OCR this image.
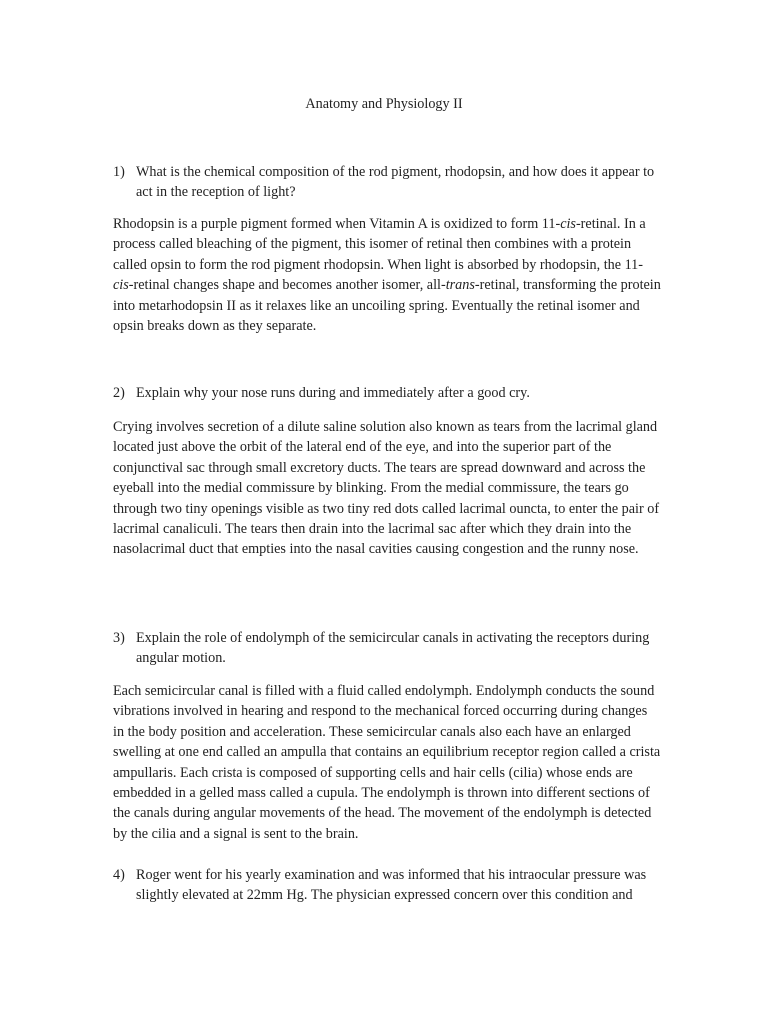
Anatomy and Physiology II
1) What is the chemical composition of the rod pigment, rhodopsin, and how does it appear to act in the reception of light?

Rhodopsin is a purple pigment formed when Vitamin A is oxidized to form 11-cis-retinal. In a process called bleaching of the pigment, this isomer of retinal then combines with a protein called opsin to form the rod pigment rhodopsin. When light is absorbed by rhodopsin, the 11-cis-retinal changes shape and becomes another isomer, all-trans-retinal, transforming the protein into metarhodopsin II as it relaxes like an uncoiling spring. Eventually the retinal isomer and opsin breaks down as they separate.

2) Explain why your nose runs during and immediately after a good cry.

Crying involves secretion of a dilute saline solution also known as tears from the lacrimal gland located just above the orbit of the lateral end of the eye, and into the superior part of the conjunctival sac through small excretory ducts. The tears are spread downward and across the eyeball into the medial commissure by blinking. From the medial commissure, the tears go through two tiny openings visible as two tiny red dots called lacrimal ouncta, to enter the pair of lacrimal canaliculi. The tears then drain into the lacrimal sac after which they drain into the nasolacrimal duct that empties into the nasal cavities causing congestion and the runny nose.

3) Explain the role of endolymph of the semicircular canals in activating the receptors during angular motion.

Each semicircular canal is filled with a fluid called endolymph. Endolymph conducts the sound vibrations involved in hearing and respond to the mechanical forced occurring during changes in the body position and acceleration. These semicircular canals also each have an enlarged swelling at one end called an ampulla that contains an equilibrium receptor region called a crista ampullaris. Each crista is composed of supporting cells and hair cells (cilia) whose ends are embedded in a gelled mass called a cupula. The endolymph is thrown into different sections of the canals during angular movements of the head. The movement of the endolymph is detected by the cilia and a signal is sent to the brain.

4) Roger went for his yearly examination and was informed that his intraocular pressure was slightly elevated at 22mm Hg. The physician expressed concern over this condition and
